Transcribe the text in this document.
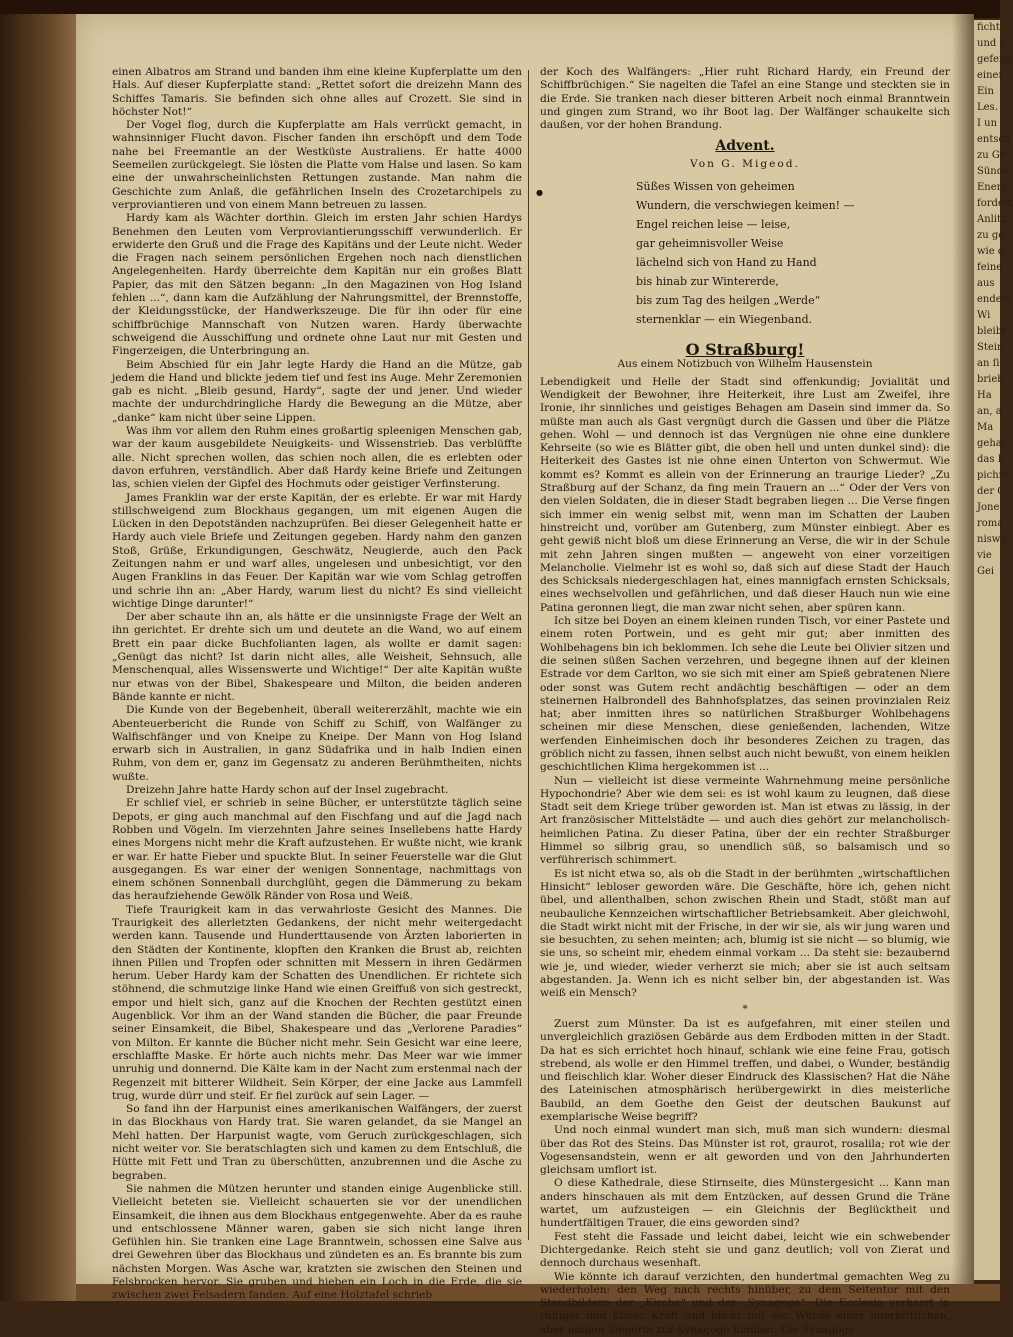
ficht
und n
gefeigt
einer
Ein
Les.
I un
entsch
zu Ge
Sünde
Energ
fordert
Anlitz
zu ge
wie d
feine
aus
endete
Wi
bleibt
Stein
an ſi
brieb
Ha
an, a
Ma
gehal
das F
pichm
der C
Jone
roma
niswo
vie
Gei

einen Albatros am Strand und banden ihm eine kleine Kupferplatte um den Hals. Auf dieser Kupferplatte stand: „Rettet sofort die dreizehn Mann des Schiffes Tamaris. Sie befinden sich ohne alles auf Crozett. Sie sind in höchster Not!“

Der Vogel flog, durch die Kupferplatte am Hals verrückt gemacht, in wahnsinniger Flucht davon. Fischer fanden ihn erschöpft und dem Tode nahe bei Freemantle an der Westküste Australiens. Er hatte 4000 Seemeilen zurückgelegt. Sie lösten die Platte vom Halse und lasen. So kam eine der unwahrscheinlichsten Rettungen zustande. Man nahm die Geschichte zum Anlaß, die gefährlichen Inseln des Crozetarchipels zu verproviantieren und von einem Mann betreuen zu lassen.

Hardy kam als Wächter dorthin. Gleich im ersten Jahr schien Hardys Benehmen den Leuten vom Verproviantierungsschiff verwunderlich. Er erwiderte den Gruß und die Frage des Kapitäns und der Leute nicht. Weder die Fragen nach seinem persönlichen Ergehen noch nach dienstlichen Angelegenheiten. Hardy überreichte dem Kapitän nur ein großes Blatt Papier, das mit den Sätzen begann: „In den Magazinen von Hog Island fehlen ...“, dann kam die Aufzählung der Nahrungsmittel, der Brennstoffe, der Kleidungsstücke, der Handwerkszeuge. Die für ihn oder für eine schiffbrüchige Mannschaft von Nutzen waren. Hardy überwachte schweigend die Ausschiffung und ordnete ohne Laut nur mit Gesten und Fingerzeigen, die Unterbringung an.

Beim Abschied für ein Jahr legte Hardy die Hand an die Mütze, gab jedem die Hand und blickte jedem tief und fest ins Auge. Mehr Zeremonien gab es nicht. „Bleib gesund, Hardy“, sagte der und jener. Und wieder machte der undurchdringliche Hardy die Bewegung an die Mütze, aber „danke“ kam nicht über seine Lippen.

Was ihm vor allem den Ruhm eines großartig spleenigen Menschen gab, war der kaum ausgebildete Neuigkeits- und Wissenstrieb. Das verblüffte alle. Nicht sprechen wollen, das schien noch allen, die es erlebten oder davon erfuhren, verständlich. Aber daß Hardy keine Briefe und Zeitungen las, schien vielen der Gipfel des Hochmuts oder geistiger Verfinsterung.

James Franklin war der erste Kapitän, der es erlebte. Er war mit Hardy stillschweigend zum Blockhaus gegangen, um mit eigenen Augen die Lücken in den Depotständen nachzuprüfen. Bei dieser Gelegenheit hatte er Hardy auch viele Briefe und Zeitungen gegeben. Hardy nahm den ganzen Stoß, Grüße, Erkundigungen, Geschwätz, Neugierde, auch den Pack Zeitungen nahm er und warf alles, ungelesen und unbesichtigt, vor den Augen Franklins in das Feuer. Der Kapitän war wie vom Schlag getroffen und schrie ihn an: „Aber Hardy, warum liest du nicht? Es sind vielleicht wichtige Dinge darunter!“

Der aber schaute ihn an, als hätte er die unsinnigste Frage der Welt an ihn gerichtet. Er drehte sich um und deutete an die Wand, wo auf einem Brett ein paar dicke Buchfolianten lagen, als wollte er damit sagen: „Genügt das nicht? Ist darin nicht alles, alle Weisheit, Sehnsuch, alle Menschenqual, alles Wissenswerte und Wichtige!“ Der alte Kapitän wußte nur etwas von der Bibel, Shakespeare und Milton, die beiden anderen Bände kannte er nicht.

Die Kunde von der Begebenheit, überall weitererzählt, machte wie ein Abenteuerbericht die Runde von Schiff zu Schiff, von Walfänger zu Walfischfänger und von Kneipe zu Kneipe. Der Mann von Hog Island erwarb sich in Australien, in ganz Südafrika und in halb Indien einen Ruhm, von dem er, ganz im Gegensatz zu anderen Berühmtheiten, nichts wußte.

Dreizehn Jahre hatte Hardy schon auf der Insel zugebracht.

Er schlief viel, er schrieb in seine Bücher, er unterstützte täglich seine Depots, er ging auch manchmal auf den Fischfang und auf die Jagd nach Robben und Vögeln. Im vierzehnten Jahre seines Insellebens hatte Hardy eines Morgens nicht mehr die Kraft aufzustehen. Er wußte nicht, wie krank er war. Er hatte Fieber und spuckte Blut. In seiner Feuerstelle war die Glut ausgegangen. Es war einer der wenigen Sonnentage, nachmittags von einem schönen Sonnenball durchglüht, gegen die Dämmerung zu bekam das heraufziehende Gewölk Ränder von Rosa und Weiß.

Tiefe Traurigkeit kam in das verwahrloste Gesicht des Mannes. Die Traurigkeit des allerletzten Gedankens, der nicht mehr weitergedacht werden kann. Tausende und Hunderttausende von Ärzten laborierten in den Städten der Kontinente, klopften den Kranken die Brust ab, reichten ihnen Pillen und Tropfen oder schnitten mit Messern in ihren Gedärmen herum. Ueber Hardy kam der Schatten des Unendlichen. Er richtete sich stöhnend, die schmutzige linke Hand wie einen Greiffuß von sich gestreckt, empor und hielt sich, ganz auf die Knochen der Rechten gestützt einen Augenblick. Vor ihm an der Wand standen die Bücher, die paar Freunde seiner Einsamkeit, die Bibel, Shakespeare und das „Verlorene Paradies“ von Milton. Er kannte die Bücher nicht mehr. Sein Gesicht war eine leere, erschlaffte Maske. Er hörte auch nichts mehr. Das Meer war wie immer unruhig und donnernd. Die Kälte kam in der Nacht zum erstenmal nach der Regenzeit mit bitterer Wildheit. Sein Körper, der eine Jacke aus Lammfell trug, wurde dürr und steif. Er fiel zurück auf sein Lager. —

So fand ihn der Harpunist eines amerikanischen Walfängers, der zuerst in das Blockhaus von Hardy trat. Sie waren gelandet, da sie Mangel an Mehl hatten. Der Harpunist wagte, vom Geruch zurückgeschlagen, sich nicht weiter vor. Sie beratschlagten sich und kamen zu dem Entschluß, die Hütte mit Fett und Tran zu überschütten, anzubrennen und die Asche zu begraben.

Sie nahmen die Mützen herunter und standen einige Augenblicke still. Vielleicht beteten sie. Vielleicht schauerten sie vor der unendlichen Einsamkeit, die ihnen aus dem Blockhaus entgegenwehte. Aber da es rauhe und entschlossene Männer waren, gaben sie sich nicht lange ihren Gefühlen hin. Sie tranken eine Lage Branntwein, schossen eine Salve aus drei Gewehren über das Blockhaus und zündeten es an. Es brannte bis zum nächsten Morgen. Was Asche war, kratzten sie zwischen den Steinen und Felsbrocken hervor. Sie gruben und hieben ein Loch in die Erde, die sie zwischen zwei Felsadern fanden. Auf eine Holztafel schrieb

●

der Koch des Walfängers: „Hier ruht Richard Hardy, ein Freund der Schiffbrüchigen.“ Sie nagelten die Tafel an eine Stange und steckten sie in die Erde. Sie tranken nach dieser bitteren Arbeit noch einmal Branntwein und gingen zum Strand, wo ihr Boot lag. Der Walfänger schaukelte sich daußen, vor der hohen Brandung.

Advent.
Von G. Migeod.
Süßes Wissen von geheimen
Wundern, die verschwiegen keimen! —
Engel reichen leise — leise,
gar geheimnisvoller Weise
lächelnd sich von Hand zu Hand
bis hinab zur Wintererde,
bis zum Tag des heilgen „Werde“
sternenklar — ein Wiegenband.
O Straßburg!
Aus einem Notizbuch von Wilhelm Hausenstein

Lebendigkeit und Helle der Stadt sind offenkundig; Jovialität und Wendigkeit der Bewohner, ihre Heiterkeit, ihre Lust am Zweifel, ihre Ironie, ihr sinnliches und geistiges Behagen am Dasein sind immer da. So müßte man auch als Gast vergnügt durch die Gassen und über die Plätze gehen. Wohl — und dennoch ist das Vergnügen nie ohne eine dunklere Kehrseite (so wie es Blätter gibt, die oben hell und unten dunkel sind): die Heiterkeit des Gastes ist nie ohne einen Unterton von Schwermut. Wie kommt es? Kommt es allein von der Erinnerung an traurige Lieder? „Zu Straßburg auf der Schanz, da fing mein Trauern an ...“ Oder der Vers von den vielen Soldaten, die in dieser Stadt begraben liegen ... Die Verse fingen sich immer ein wenig selbst mit, wenn man im Schatten der Lauben hinstreicht und, vorüber am Gutenberg, zum Münster einbiegt. Aber es geht gewiß nicht bloß um diese Erinnerung an Verse, die wir in der Schule mit zehn Jahren singen mußten — angeweht von einer vorzeitigen Melancholie. Vielmehr ist es wohl so, daß sich auf diese Stadt der Hauch des Schicksals niedergeschlagen hat, eines mannigfach ernsten Schicksals, eines wechselvollen und gefährlichen, und daß dieser Hauch nun wie eine Patina geronnen liegt, die man zwar nicht sehen, aber spüren kann.

Ich sitze bei Doyen an einem kleinen runden Tisch, vor einer Pastete und einem roten Portwein, und es geht mir gut; aber inmitten des Wohlbehagens bin ich beklommen. Ich sehe die Leute bei Olivier sitzen und die seinen süßen Sachen verzehren, und begegne ihnen auf der kleinen Estrade vor dem Carlton, wo sie sich mit einer am Spieß gebratenen Niere oder sonst was Gutem recht andächtig beschäftigen — oder an dem steinernen Halbrondell des Bahnhofsplatzes, das seinen provinzialen Reiz hat; aber inmitten ihres so natürlichen Straßburger Wohlbehagens scheinen mir diese Menschen, diese genießenden, lachenden, Witze werfenden Einheimischen doch ihr besonderes Zeichen zu tragen, das gröblich nicht zu fassen, ihnen selbst auch nicht bewußt, von einem heiklen geschichtlichen Klima hergekommen ist ...

Nun — vielleicht ist diese vermeinte Wahrnehmung meine persönliche Hypochondrie? Aber wie dem sei: es ist wohl kaum zu leugnen, daß diese Stadt seit dem Kriege trüber geworden ist. Man ist etwas zu lässig, in der Art französischer Mittelstädte — und auch dies gehört zur melancholisch-heimlichen Patina. Zu dieser Patina, über der ein rechter Straßburger Himmel so silbrig grau, so unendlich süß, so balsamisch und so verführerisch schimmert.

Es ist nicht etwa so, als ob die Stadt in der berühmten „wirtschaftlichen Hinsicht“ lebloser geworden wäre. Die Geschäfte, höre ich, gehen nicht übel, und allenthalben, schon zwischen Rhein und Stadt, stößt man auf neubauliche Kennzeichen wirtschaftlicher Betriebsamkeit. Aber gleichwohl, die Stadt wirkt nicht mit der Frische, in der wir sie, als wir jung waren und sie besuchten, zu sehen meinten; ach, blumig ist sie nicht — so blumig, wie sie uns, so scheint mir, ehedem einmal vorkam ... Da steht sie: bezaubernd wie je, und wieder, wieder verherzt sie mich; aber sie ist auch seltsam abgestanden. Ja. Wenn ich es nicht selber bin, der abgestanden ist. Was weiß ein Mensch?

*

Zuerst zum Münster. Da ist es aufgefahren, mit einer steilen und unvergleichlich graziösen Gebärde aus dem Erdboden mitten in der Stadt. Da hat es sich errichtet hoch hinauf, schlank wie eine feine Frau, gotisch strebend, als wolle er den Himmel treffen, und dabei, o Wunder, beständig und fleischlich klar. Woher dieser Eindruck des Klassischen? Hat die Nähe des Lateinischen atmosphärisch herübergewirkt in dies meisterliche Baubild, an dem Goethe den Geist der deutschen Baukunst auf exemplarische Weise begriff?

Und noch einmal wundert man sich, muß man sich wundern: diesmal über das Rot des Steins. Das Münster ist rot, graurot, rosalila; rot wie der Vogesensandstein, wenn er alt geworden und von den Jahrhunderten gleichsam umflort ist.

O diese Kathedrale, diese Stirnseite, dies Münstergesicht ... Kann man anders hinschauen als mit dem Entzücken, auf dessen Grund die Träne wartet, um aufzusteigen — ein Gleichnis der Beglücktheit und hundertfältigen Trauer, die eins geworden sind?

Fest steht die Fassade und leicht dabei, leicht wie ein schwebender Dichtergedanke. Reich steht sie und ganz deutlich; voll von Zierat und dennoch durchaus wesenhaft.

Wie könnte ich darauf verzichten, den hundertmal gemachten Weg zu wiederholen: den Weg nach rechts hinüber, zu dem Seitentor mit den Standbildern der „Kirche“ und der „Synagoge“. Die Ecclesia verharrt in ruhiger und klarer Kraft und blickt mit der Würde einer unerbittlichen, aber noblen Siegerin zur Synagoge hinüber. Die Synagoge
